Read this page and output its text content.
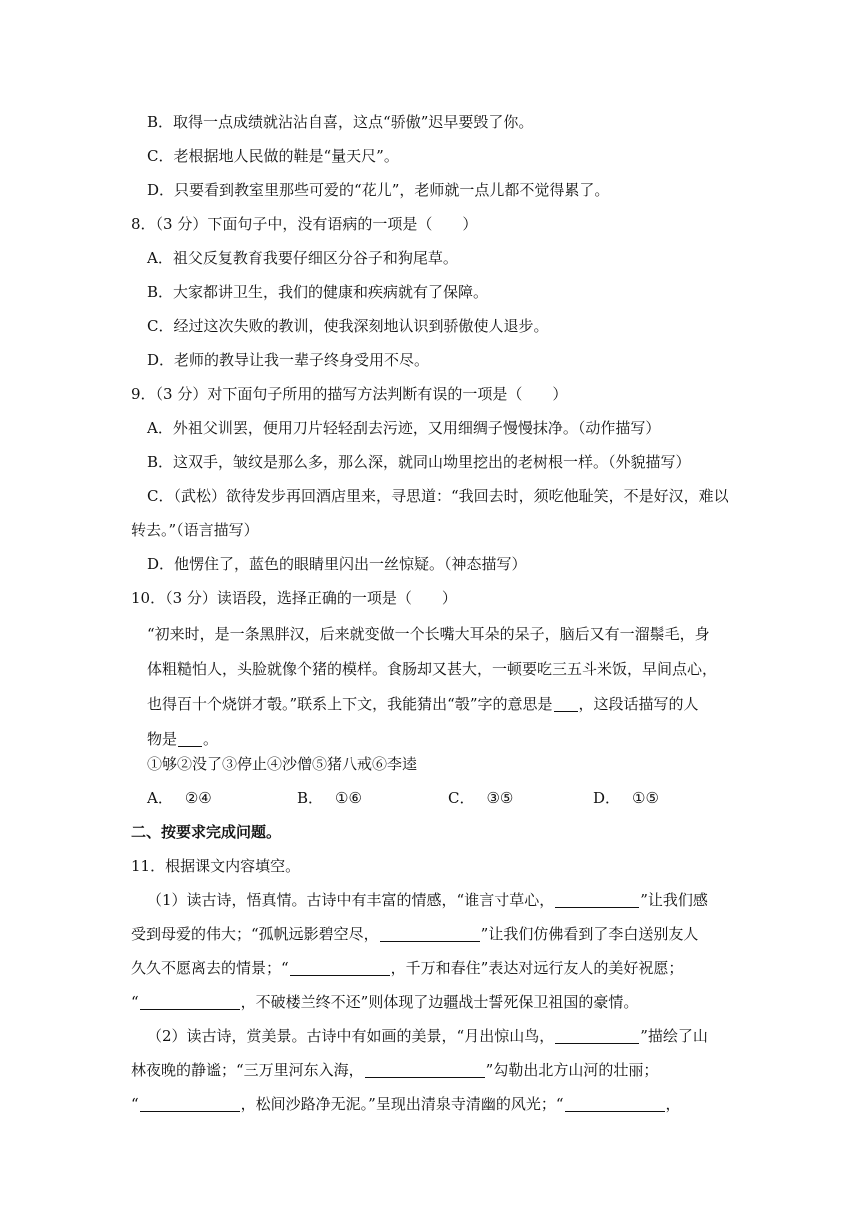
B．取得一点成绩就沾沾自喜，这点“骄傲”迟早要毁了你。
C．老根据地人民做的鞋是“量天尺”。
D．只要看到教室里那些可爱的“花儿”，老师就一点儿都不觉得累了。
8．（3 分）下面句子中，没有语病的一项是（　　）
A．祖父反复教育我要仔细区分谷子和狗尾草。
B．大家都讲卫生，我们的健康和疾病就有了保障。
C．经过这次失败的教训，使我深刻地认识到骄傲使人退步。
D．老师的教导让我一辈子终身受用不尽。
9．（3 分）对下面句子所用的描写方法判断有误的一项是（　　）
A．外祖父训罢，便用刀片轻轻刮去污迹，又用细绸子慢慢抹净。（动作描写）
B．这双手，皱纹是那么多，那么深，就同山坳里挖出的老树根一样。（外貌描写）
C．（武松）欲待发步再回酒店里来，寻思道：“我回去时，须吃他耻笑，不是好汉，难以
转去。”（语言描写）
D．他愣住了，蓝色的眼睛里闪出一丝惊疑。（神态描写）
10．（3 分）读语段，选择正确的一项是（　　）
“初来时，是一条黑胖汉，后来就变做一个长嘴大耳朵的呆子，脑后又有一溜鬃毛，身
体粗糙怕人，头脸就像个猪的模样。食肠却又甚大，一顿要吃三五斗米饭，早间点心，
也得百十个烧饼才彀。”联系上下文，我能猜出“彀”字的意思是 ，这段话描写的人
物是 。
①够②没了③停止④沙僧⑤猪八戒⑥李逵
A． ②④	B． ①⑥	C． ③⑤	D． ①⑤
二、按要求完成问题。
11．根据课文内容填空。
（1）读古诗，悟真情。古诗中有丰富的情感，“谁言寸草心，	”让我们感
受到母爱的伟大；“孤帆远影碧空尽，	”让我们仿佛看到了李白送别友人
久久不愿离去的情景；“	，千万和春住”表达对远行友人的美好祝愿；
“	，不破楼兰终不还”则体现了边疆战士誓死保卫祖国的豪情。
（2）读古诗，赏美景。古诗中有如画的美景，“月出惊山鸟，	”描绘了山
林夜晚的静谧；“三万里河东入海，	”勾勒出北方山河的壮丽；
“	，松间沙路净无泥。”呈现出清泉寺清幽的风光；“	，
